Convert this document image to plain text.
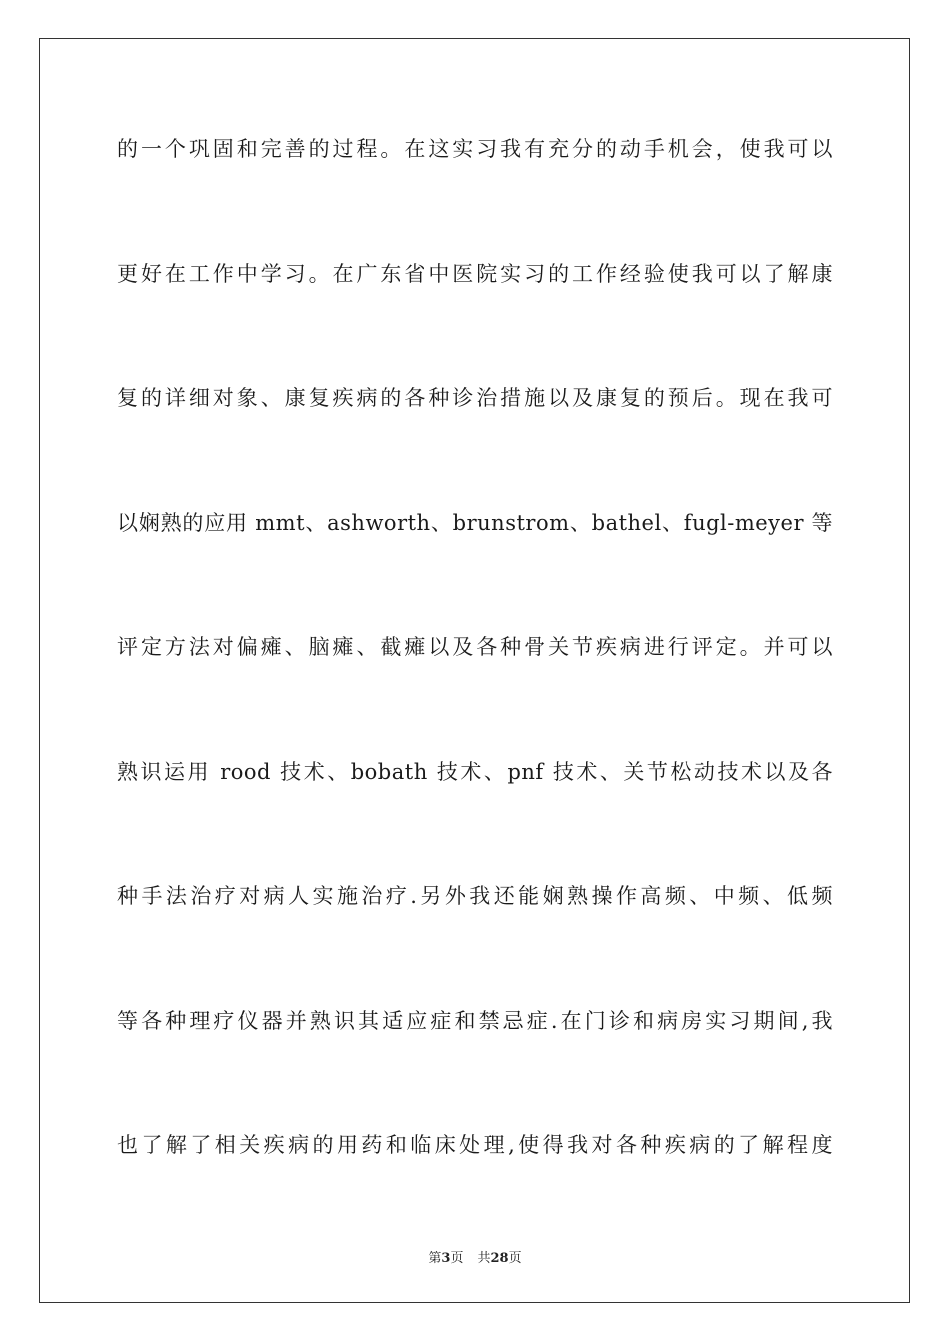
的一个巩固和完善的过程。在这实习我有充分的动手机会，使我可以
更好在工作中学习。在广东省中医院实习的工作经验使我可以了解康
复的详细对象、康复疾病的各种诊治措施以及康复的预后。现在我可
以娴熟的应用 mmt、ashworth、brunstrom、bathel、fugl-meyer 等
评定方法对偏瘫、脑瘫、截瘫以及各种骨关节疾病进行评定。并可以
熟识运用 rood 技术、bobath 技术、pnf 技术、关节松动技术以及各
种手法治疗对病人实施治疗.另外我还能娴熟操作高频、中频、低频
等各种理疗仪器并熟识其适应症和禁忌症.在门诊和病房实习期间,我
也了解了相关疾病的用药和临床处理,使得我对各种疾病的了解程度
第3页 共28页
